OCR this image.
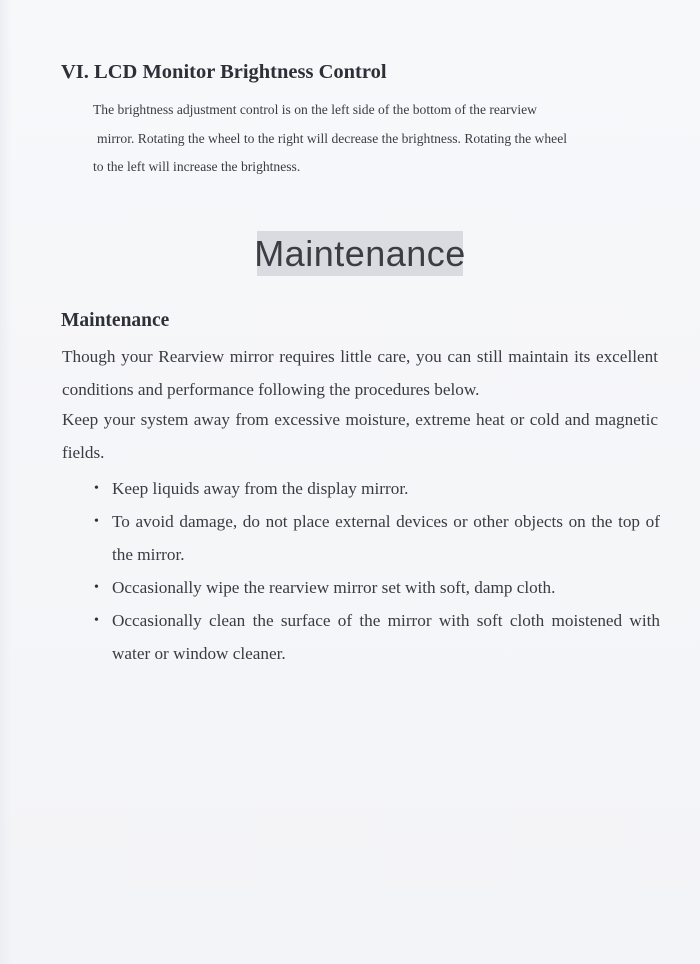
VI. LCD Monitor Brightness Control

The brightness adjustment control is on the left side of the bottom of the rearview
mirror. Rotating the wheel to the right will decrease the brightness. Rotating the wheel
to the left will increase the brightness.

Maintenance
Maintenance

Though your Rearview mirror requires little care, you can still maintain its excellent conditions and performance following the procedures below.

Keep your system away from excessive moisture, extreme heat or cold and magnetic fields.

• Keep liquids away from the display mirror.
• To avoid damage, do not place external devices or other objects on the top of the mirror.
• Occasionally wipe the rearview mirror set with soft, damp cloth.
• Occasionally clean the surface of the mirror with soft cloth moistened with water or window cleaner.
